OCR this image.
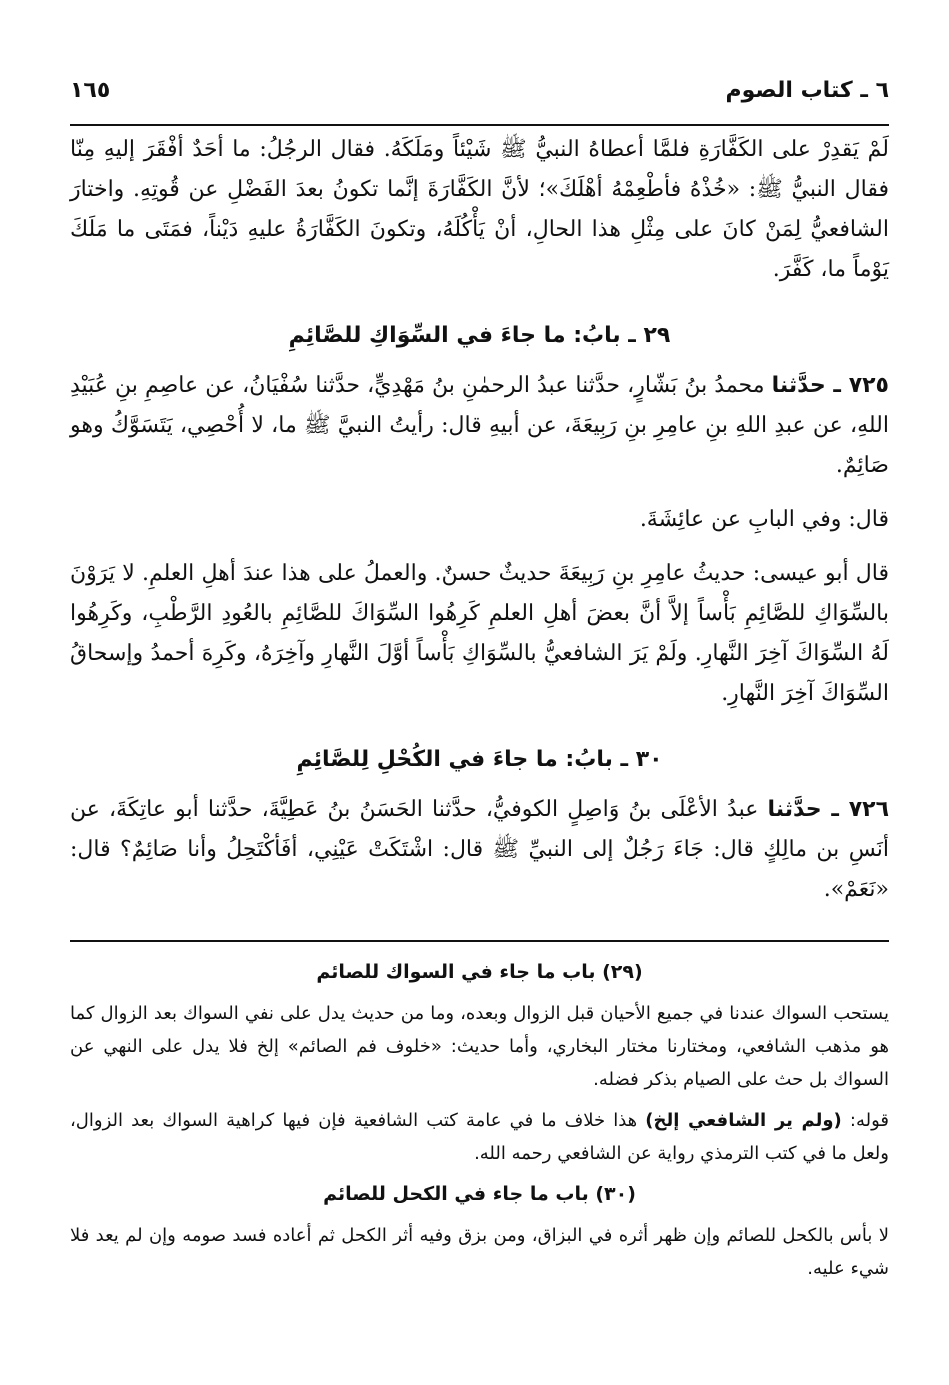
٦ ـ كتاب الصوم
١٦٥

لَمْ يَقدِرْ على الكَفَّارَةِ فلمَّا أعطاهُ النبيُّ ﷺ شَيْئاً ومَلَكَهُ. فقال الرجُلُ: ما أحَدٌ أفْقَرَ إليهِ مِنّا فقال النبيُّ ﷺ: «خُذْهُ فأطْعِمْهُ أهْلَكَ»؛ لأنَّ الكَفَّارَةَ إنَّما تكونُ بعدَ الفَضْلِ عن قُوتِهِ. واختارَ الشافعيُّ لِمَنْ كانَ على مِثْلِ هذا الحالِ، أنْ يَأْكُلَهُ، وتكونَ الكَفَّارَةُ عليهِ دَيْناً، فمَتَى ما مَلَكَ يَوْماً ما، كَفَّرَ.

٢٩ ـ بابُ: ما جاءَ في السِّوَاكِ للصَّائِمِ

٧٢٥ ـ حدَّثنا محمدُ بنُ بَشّارٍ، حدَّثنا عبدُ الرحمٰنِ بنُ مَهْدِيٍّ، حدَّثنا سُفْيَانُ، عن عاصِمِ بنِ عُبَيْدِ اللهِ، عن عبدِ اللهِ بنِ عامِرِ بنِ رَبِيعَةَ، عن أبيهِ قال: رأيتُ النبيَّ ﷺ ما، لا أُحْصِي، يَتَسَوَّكُ وهو صَائِمٌ.

قال: وفي البابِ عن عائِشَةَ.

قال أبو عيسى: حديثُ عامِرِ بنِ رَبِيعَةَ حديثٌ حسنٌ. والعملُ على هذا عندَ أهلِ العلمِ. لا يَرَوْنَ بالسِّوَاكِ للصَّائِمِ بَأْساً إلاَّ أنَّ بعضَ أهلِ العلمِ كَرِهُوا السِّوَاكَ للصَّائِمِ بالعُودِ الرَّطْبِ، وكَرِهُوا لَهُ السِّوَاكَ آخِرَ النَّهارِ. ولَمْ يَرَ الشافعيُّ بالسِّوَاكِ بَأْساً أوَّلَ النَّهارِ وآخِرَهُ، وكَرِهَ أحمدُ وإسحاقُ السِّوَاكَ آخِرَ النَّهارِ.

٣٠ ـ بابُ: ما جاءَ في الكُحْلِ لِلصَّائِمِ

٧٢٦ ـ حدَّثنا عبدُ الأعْلَى بنُ وَاصِلٍ الكوفيُّ، حدَّثنا الحَسَنُ بنُ عَطِيَّةَ، حدَّثنا أبو عاتِكَةَ، عن أنَسِ بن مالِكٍ قال: جَاءَ رَجُلٌ إلى النبيِّ ﷺ قال: اشْتَكَتْ عَيْنِي، أفَأكْتَحِلُ وأنا صَائِمٌ؟ قال: «نَعَمْ».

(٢٩) باب ما جاء في السواك للصائم

يستحب السواك عندنا في جميع الأحيان قبل الزوال وبعده، وما من حديث يدل على نفي السواك بعد الزوال كما هو مذهب الشافعي، ومختارنا مختار البخاري، وأما حديث: «خلوف فم الصائم» إلخ فلا يدل على النهي عن السواك بل حث على الصيام بذكر فضله.

قوله: (ولم ير الشافعي إلخ) هذا خلاف ما في عامة كتب الشافعية فإن فيها كراهية السواك بعد الزوال، ولعل ما في كتب الترمذي رواية عن الشافعي رحمه الله.

(٣٠) باب ما جاء في الكحل للصائم

لا بأس بالكحل للصائم وإن ظهر أثره في البزاق، ومن بزق وفيه أثر الكحل ثم أعاده فسد صومه وإن لم يعد فلا شيء عليه.
